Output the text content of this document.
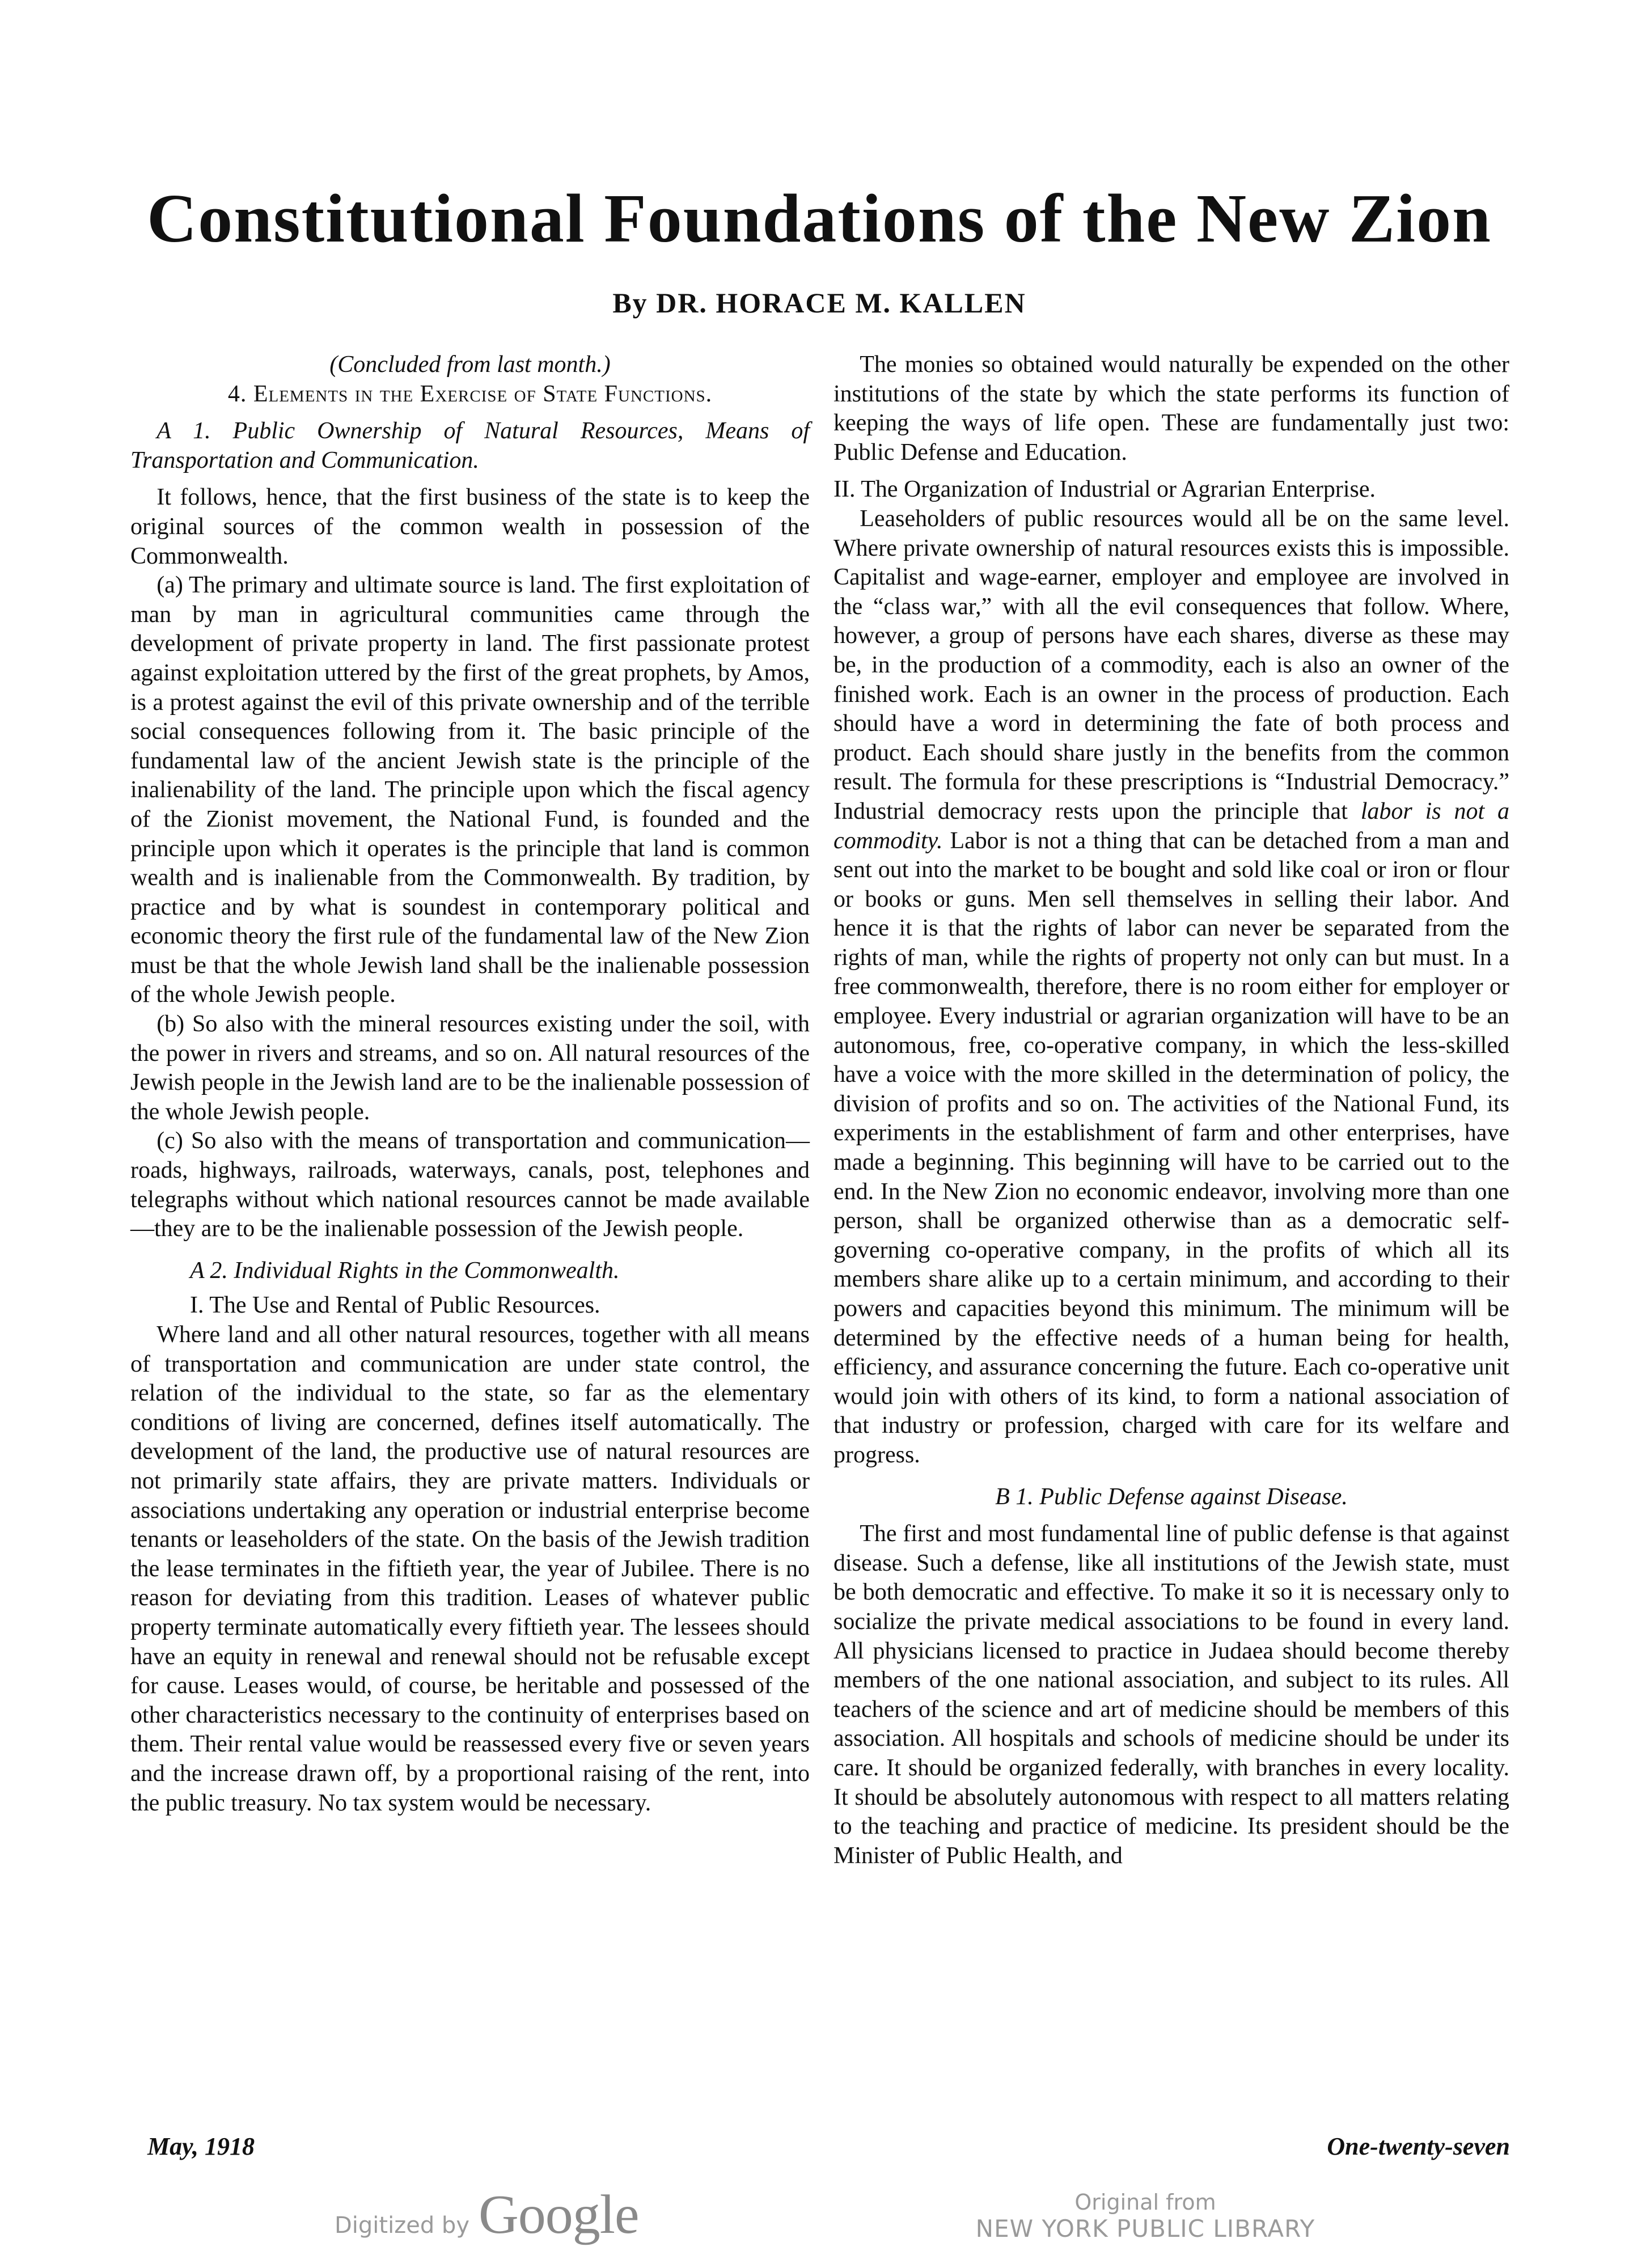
Constitutional Foundations of the New Zion
By DR. HORACE M. KALLEN

(Concluded from last month.)

4. Elements in the Exercise of State Functions.

A 1. Public Ownership of Natural Resources, Means of Transportation and Communication.

It follows, hence, that the first business of the state is to keep the original sources of the common wealth in possession of the Commonwealth.

(a) The primary and ultimate source is land. The first exploitation of man by man in agricultural communities came through the development of private property in land. The first passionate protest against exploitation uttered by the first of the great prophets, by Amos, is a protest against the evil of this private ownership and of the terrible social consequences following from it. The basic principle of the fundamental law of the ancient Jewish state is the principle of the inalienability of the land. The principle upon which the fiscal agency of the Zionist movement, the National Fund, is founded and the principle upon which it operates is the principle that land is common wealth and is inalienable from the Commonwealth. By tradition, by practice and by what is soundest in contemporary political and economic theory the first rule of the fundamental law of the New Zion must be that the whole Jewish land shall be the inalienable possession of the whole Jewish people.

(b) So also with the mineral resources existing under the soil, with the power in rivers and streams, and so on. All natural resources of the Jewish people in the Jewish land are to be the inalienable possession of the whole Jewish people.

(c) So also with the means of transportation and communication—roads, highways, railroads, waterways, canals, post, telephones and telegraphs without which national resources cannot be made available—they are to be the inalienable possession of the Jewish people.

A 2. Individual Rights in the Commonwealth.

I. The Use and Rental of Public Resources.

Where land and all other natural resources, together with all means of transportation and communication are under state control, the relation of the individual to the state, so far as the elementary conditions of living are concerned, defines itself automatically. The development of the land, the productive use of natural resources are not primarily state affairs, they are private matters. Individuals or associations undertaking any operation or industrial enterprise become tenants or leaseholders of the state. On the basis of the Jewish tradition the lease terminates in the fiftieth year, the year of Jubilee. There is no reason for deviating from this tradition. Leases of whatever public property terminate automatically every fiftieth year. The lessees should have an equity in renewal and renewal should not be refusable except for cause. Leases would, of course, be heritable and possessed of the other characteristics necessary to the continuity of enterprises based on them. Their rental value would be reassessed every five or seven years and the increase drawn off, by a proportional raising of the rent, into the public treasury. No tax system would be necessary.

The monies so obtained would naturally be expended on the other institutions of the state by which the state performs its function of keeping the ways of life open. These are fundamentally just two: Public Defense and Education.

II. The Organization of Industrial or Agrarian Enterprise.

Leaseholders of public resources would all be on the same level. Where private ownership of natural resources exists this is impossible. Capitalist and wage-earner, employer and employee are involved in the “class war,” with all the evil consequences that follow. Where, however, a group of persons have each shares, diverse as these may be, in the production of a commodity, each is also an owner of the finished work. Each is an owner in the process of production. Each should have a word in determining the fate of both process and product. Each should share justly in the benefits from the common result. The formula for these prescriptions is “Industrial Democracy.” Industrial democracy rests upon the principle that labor is not a commodity. Labor is not a thing that can be detached from a man and sent out into the market to be bought and sold like coal or iron or flour or books or guns. Men sell themselves in selling their labor. And hence it is that the rights of labor can never be separated from the rights of man, while the rights of property not only can but must. In a free commonwealth, therefore, there is no room either for employer or employee. Every industrial or agrarian organization will have to be an autonomous, free, co-operative company, in which the less-skilled have a voice with the more skilled in the determination of policy, the division of profits and so on. The activities of the National Fund, its experiments in the establishment of farm and other enterprises, have made a beginning. This beginning will have to be carried out to the end. In the New Zion no economic endeavor, involving more than one person, shall be organized otherwise than as a democratic self-governing co-operative company, in the profits of which all its members share alike up to a certain minimum, and according to their powers and capacities beyond this minimum. The minimum will be determined by the effective needs of a human being for health, efficiency, and assurance concerning the future. Each co-operative unit would join with others of its kind, to form a national association of that industry or profession, charged with care for its welfare and progress.

B 1. Public Defense against Disease.

The first and most fundamental line of public defense is that against disease. Such a defense, like all institutions of the Jewish state, must be both democratic and effective. To make it so it is necessary only to socialize the private medical associations to be found in every land. All physicians licensed to practice in Judaea should become thereby members of the one national association, and subject to its rules. All teachers of the science and art of medicine should be members of this association. All hospitals and schools of medicine should be under its care. It should be organized federally, with branches in every locality. It should be absolutely autonomous with respect to all matters relating to the teaching and practice of medicine. Its president should be the Minister of Public Health, and

May, 1918	One-twenty-seven
Digitized by Google	Original from
NEW YORK PUBLIC LIBRARY
